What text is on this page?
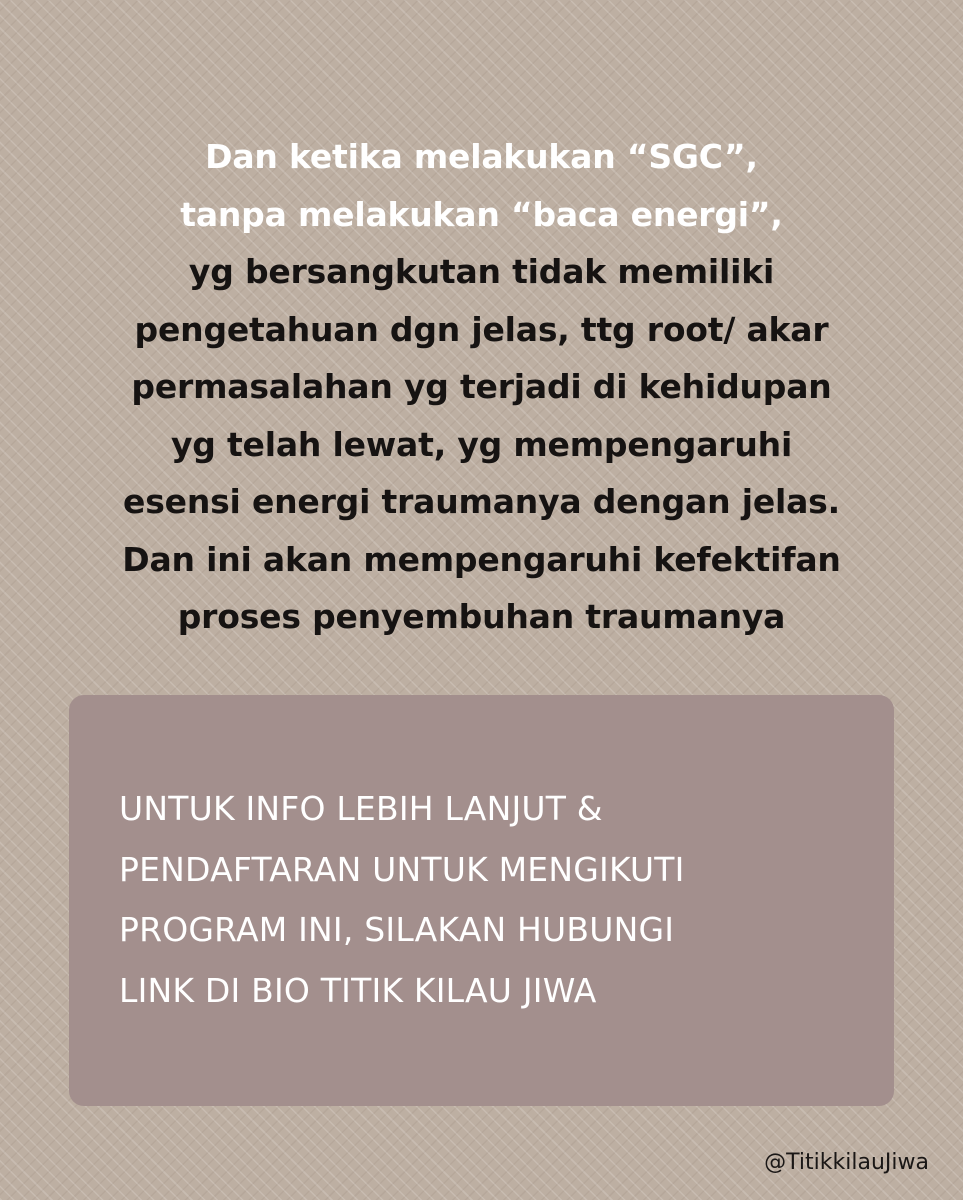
Dan ketika melakukan “SGC”,
tanpa melakukan “baca energi”,
yg bersangkutan tidak memiliki
pengetahuan dgn jelas, ttg root/ akar
permasalahan yg terjadi di kehidupan
yg telah lewat, yg mempengaruhi
esensi energi traumanya dengan jelas.
Dan ini akan mempengaruhi kefektifan
proses penyembuhan traumanya
UNTUK INFO LEBIH LANJUT &
PENDAFTARAN UNTUK MENGIKUTI
PROGRAM INI, SILAKAN HUBUNGI
LINK DI BIO TITIK KILAU JIWA
@TitikkilauJiwa
